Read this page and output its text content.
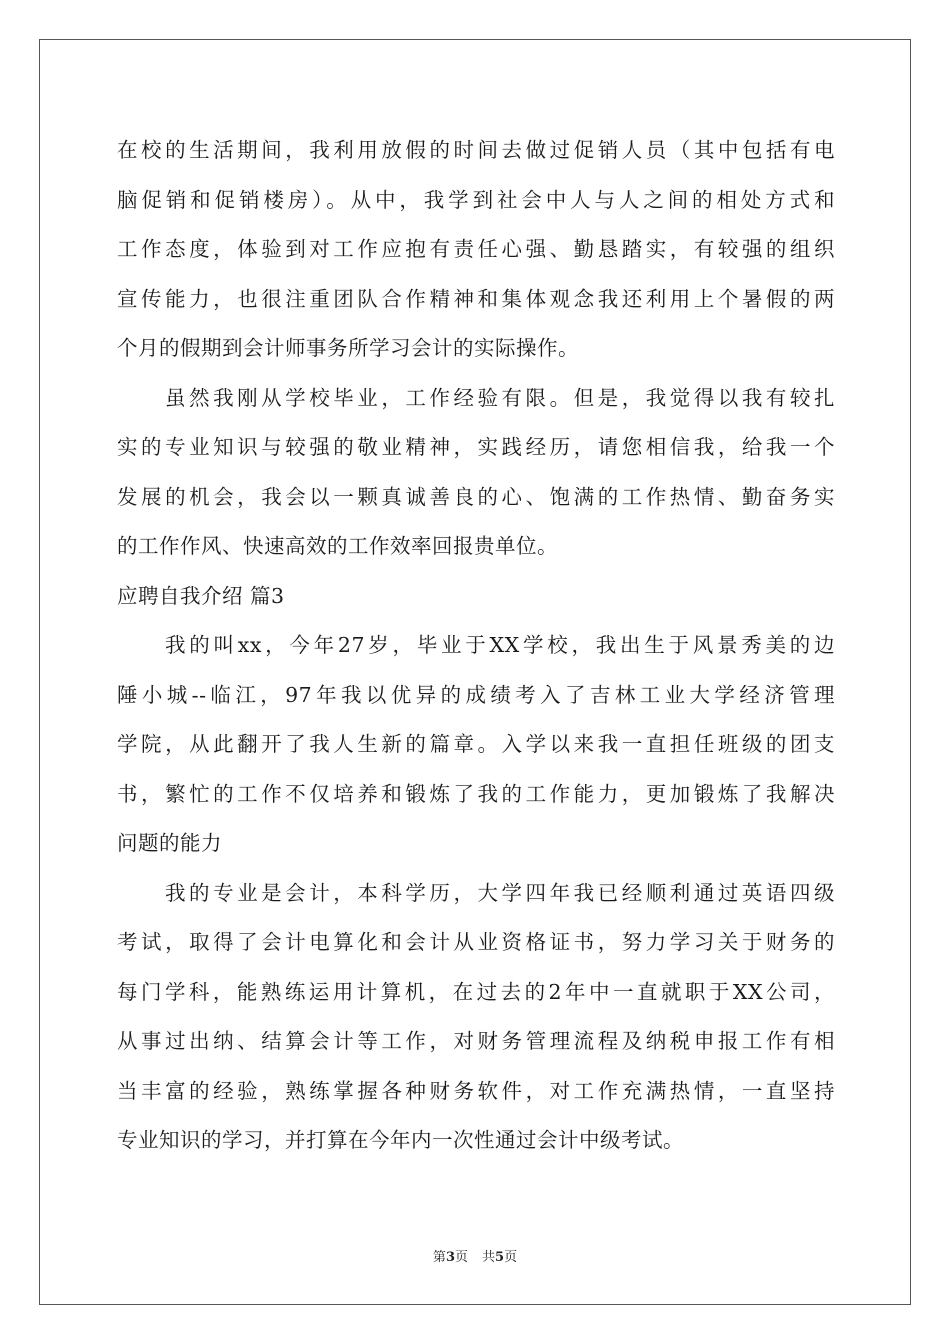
在校的生活期间，我利用放假的时间去做过促销人员（其中包括有电
脑促销和促销楼房）。从中，我学到社会中人与人之间的相处方式和
工作态度，体验到对工作应抱有责任心强、勤恳踏实，有较强的组织
宣传能力，也很注重团队合作精神和集体观念我还利用上个暑假的两
个月的假期到会计师事务所学习会计的实际操作。
虽然我刚从学校毕业，工作经验有限。但是，我觉得以我有较扎
实的专业知识与较强的敬业精神，实践经历，请您相信我，给我一个
发展的机会，我会以一颗真诚善良的心、饱满的工作热情、勤奋务实
的工作作风、快速高效的工作效率回报贵单位。
应聘自我介绍 篇3
我的叫xx，今年27岁，毕业于XX学校，我出生于风景秀美的边
陲小城--临江，97年我以优异的成绩考入了吉林工业大学经济管理
学院，从此翻开了我人生新的篇章。入学以来我一直担任班级的团支
书，繁忙的工作不仅培养和锻炼了我的工作能力，更加锻炼了我解决
问题的能力
我的专业是会计，本科学历，大学四年我已经顺利通过英语四级
考试，取得了会计电算化和会计从业资格证书，努力学习关于财务的
每门学科，能熟练运用计算机，在过去的2年中一直就职于XX公司，
从事过出纳、结算会计等工作，对财务管理流程及纳税申报工作有相
当丰富的经验，熟练掌握各种财务软件，对工作充满热情，一直坚持
专业知识的学习，并打算在今年内一次性通过会计中级考试。
第3页 共5页
